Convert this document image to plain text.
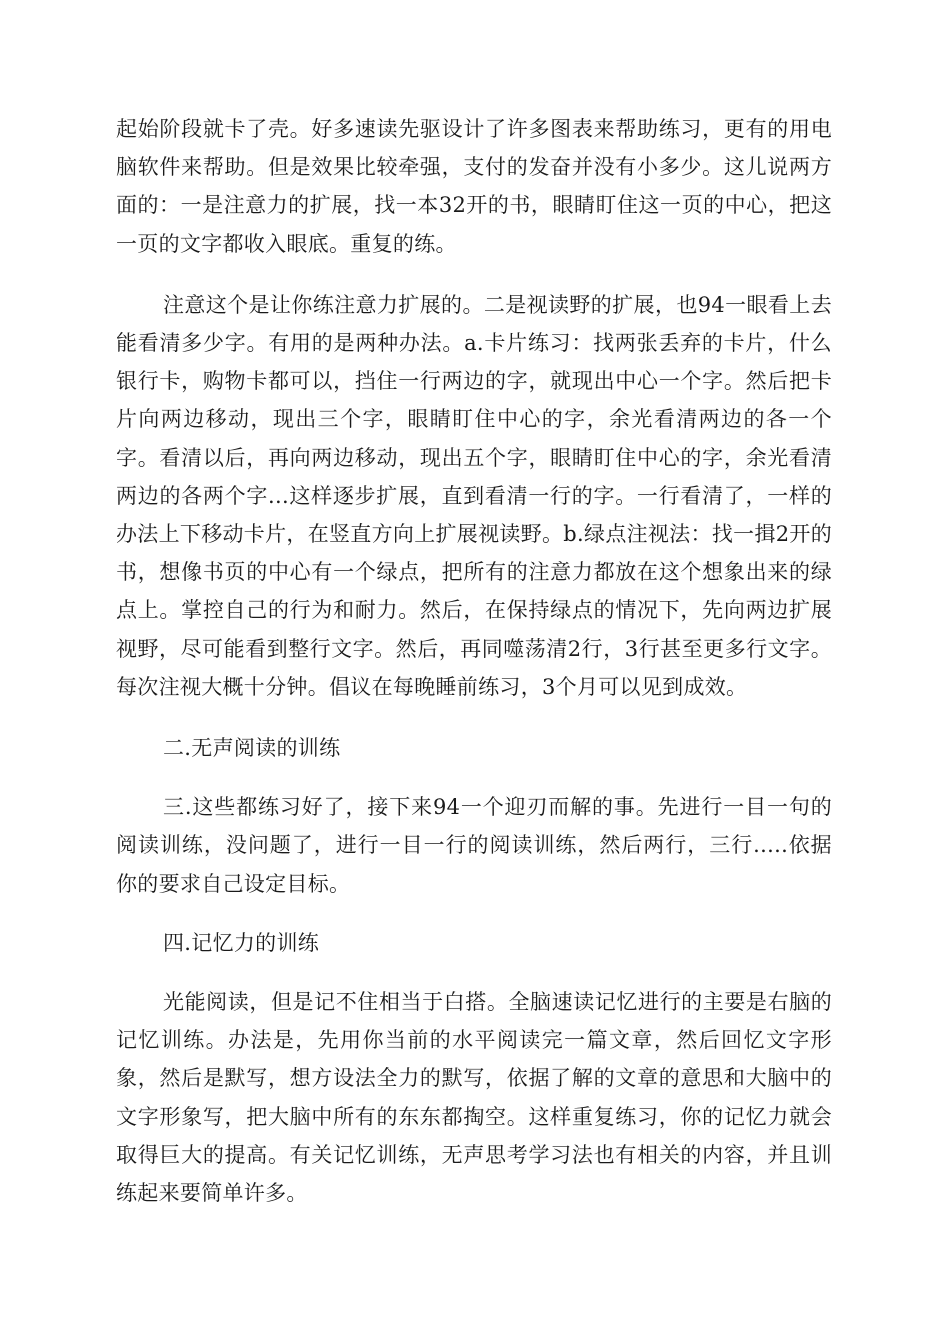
起始阶段就卡了壳。好多速读先驱设计了许多图表来帮助练习，更有的用电脑软件来帮助。但是效果比较牵强，支付的发奋并没有小多少。这儿说两方面的：一是注意力的扩展，找一本32开的书，眼睛盯住这一页的中心，把这一页的文字都收入眼底。重复的练。

注意这个是让你练注意力扩展的。二是视读野的扩展，也94一眼看上去能看清多少字。有用的是两种办法。a.卡片练习：找两张丢弃的卡片，什么银行卡，购物卡都可以，挡住一行两边的字，就现出中心一个字。然后把卡片向两边移动，现出三个字，眼睛盯住中心的字，余光看清两边的各一个字。看清以后，再向两边移动，现出五个字，眼睛盯住中心的字，余光看清两边的各两个字...这样逐步扩展，直到看清一行的字。一行看清了，一样的办法上下移动卡片，在竖直方向上扩展视读野。b.绿点注视法：找一揖2开的书，想像书页的中心有一个绿点，把所有的注意力都放在这个想象出来的绿点上。掌控自己的行为和耐力。然后，在保持绿点的情况下，先向两边扩展视野，尽可能看到整行文字。然后，再同噬荡清2行，3行甚至更多行文字。每次注视大概十分钟。倡议在每晚睡前练习，3个月可以见到成效。

二.无声阅读的训练

三.这些都练习好了，接下来94一个迎刃而解的事。先进行一目一句的阅读训练，没问题了，进行一目一行的阅读训练，然后两行，三行.....依据你的要求自己设定目标。

四.记忆力的训练

光能阅读，但是记不住相当于白搭。全脑速读记忆进行的主要是右脑的记忆训练。办法是，先用你当前的水平阅读完一篇文章，然后回忆文字形象，然后是默写，想方设法全力的默写，依据了解的文章的意思和大脑中的文字形象写，把大脑中所有的东东都掏空。这样重复练习，你的记忆力就会取得巨大的提高。有关记忆训练，无声思考学习法也有相关的内容，并且训练起来要简单许多。
